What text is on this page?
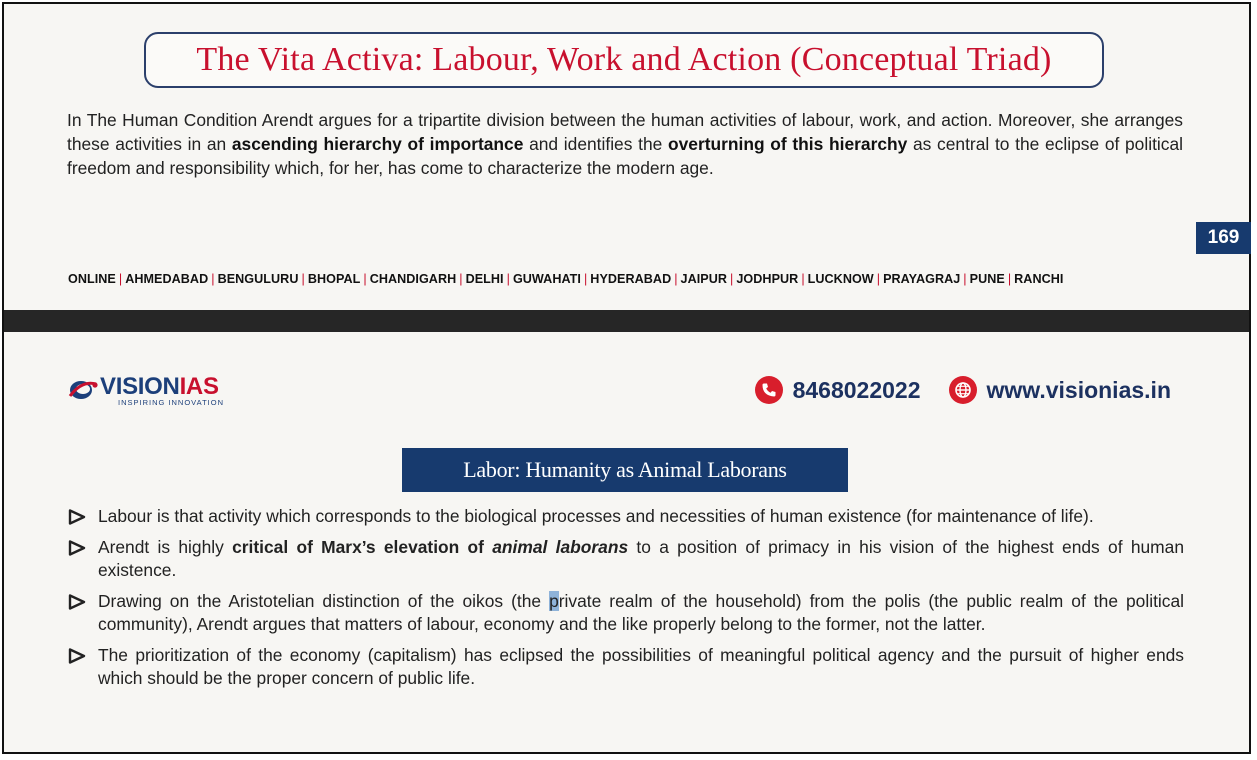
The Vita Activa: Labour, Work and Action (Conceptual Triad)
In The Human Condition Arendt argues for a tripartite division between the human activities of labour, work, and action. Moreover, she arranges these activities in an ascending hierarchy of importance and identifies the overturning of this hierarchy as central to the eclipse of political freedom and responsibility which, for her, has come to characterize the modern age.
169
ONLINE | AHMEDABAD | BENGULURU | BHOPAL | CHANDIGARH | DELHI | GUWAHATI | HYDERABAD | JAIPUR | JODHPUR | LUCKNOW | PRAYAGRAJ | PUNE | RANCHI
VISIONIAS
INSPIRING INNOVATION	8468022022	www.visionias.in
Labor: Humanity as Animal Laborans
Labour is that activity which corresponds to the biological processes and necessities of human existence (for maintenance of life).
Arendt is highly critical of Marx’s elevation of animal laborans to a position of primacy in his vision of the highest ends of human existence.
Drawing on the Aristotelian distinction of the oikos (the private realm of the household) from the polis (the public realm of the political community), Arendt argues that matters of labour, economy and the like properly belong to the former, not the latter.
The prioritization of the economy (capitalism) has eclipsed the possibilities of meaningful political agency and the pursuit of higher ends which should be the proper concern of public life.
